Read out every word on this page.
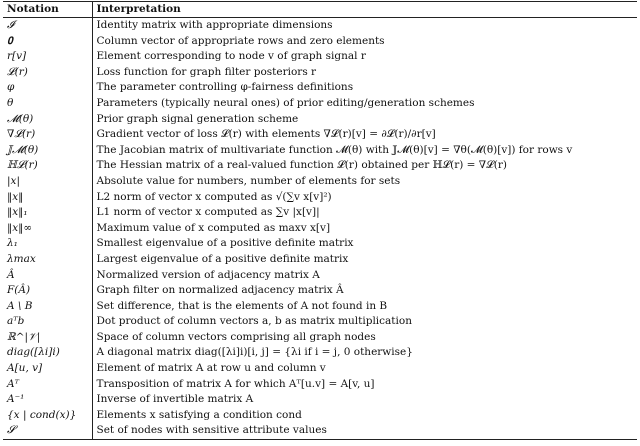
Notation	Interpretation
𝓘	Identity matrix with appropriate dimensions
𝟎	Column vector of appropriate rows and zero elements
r[v]	Element corresponding to node v of graph signal r
𝓛(r)	Loss function for graph filter posteriors r
φ	The parameter controlling φ-fairness definitions
θ	Parameters (typically neural ones) of prior editing/generation schemes
𝓜(θ)	Prior graph signal generation scheme
∇𝓛(r)	Gradient vector of loss 𝓛(r) with elements ∇𝓛(r)[v] = ∂𝓛(r)/∂r[v]
𝕁𝓜(θ)	The Jacobian matrix of multivariate function 𝓜(θ) with 𝕁𝓜(θ)[v] = ∇θ(𝓜(θ)[v]) for rows v
ℍ𝓛(r)	The Hessian matrix of a real-valued function 𝓛(r) obtained per ℍ𝓛(r) = ∇𝓛(r)
|x|	Absolute value for numbers, number of elements for sets
‖x‖	L2 norm of vector x computed as √(∑v x[v]²)
‖x‖₁	L1 norm of vector x computed as ∑v |x[v]|
‖x‖∞	Maximum value of x computed as maxv x[v]
λ₁	Smallest eigenvalue of a positive definite matrix
λmax	Largest eigenvalue of a positive definite matrix
Â	Normalized version of adjacency matrix A
F(Â)	Graph filter on normalized adjacency matrix Â
A \ B	Set difference, that is the elements of A not found in B
aᵀb	Dot product of column vectors a, b as matrix multiplication
ℝ^|𝒱|	Space of column vectors comprising all graph nodes
diag([λi]i)	A diagonal matrix diag([λi]i)[i, j] = {λi if i = j, 0 otherwise}
A[u, v]	Element of matrix A at row u and column v
Aᵀ	Transposition of matrix A for which Aᵀ[u.v] = A[v, u]
A⁻¹	Inverse of invertible matrix A
{x | cond(x)}	Elements x satisfying a condition cond
𝓢	Set of nodes with sensitive attribute values
